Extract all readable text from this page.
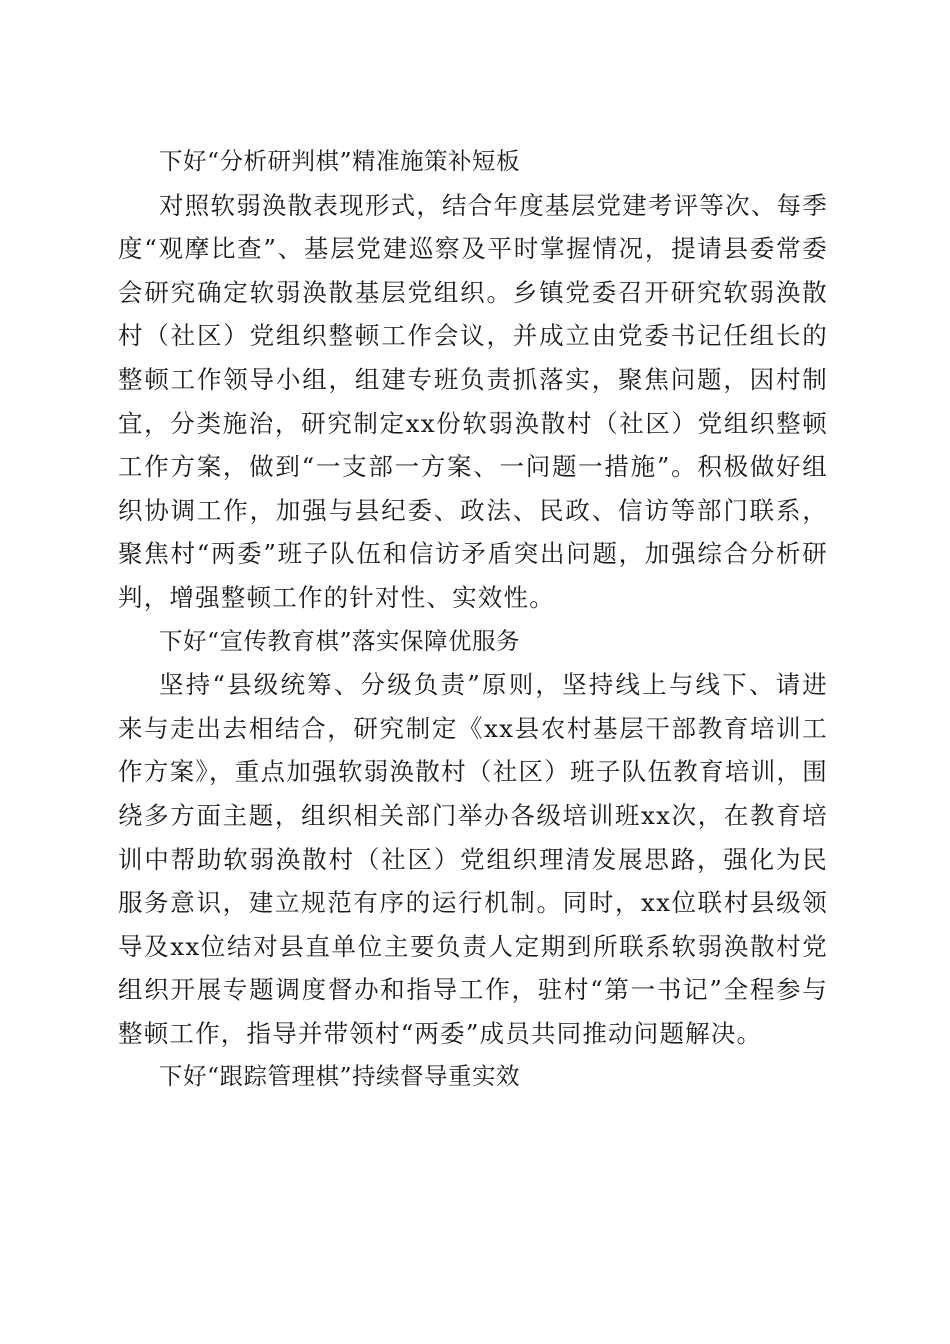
下好“分析研判棋”精准施策补短板

对照软弱涣散表现形式，结合年度基层党建考评等次、每季度“观摩比查”、基层党建巡察及平时掌握情况，提请县委常委会研究确定软弱涣散基层党组织。乡镇党委召开研究软弱涣散村（社区）党组织整顿工作会议，并成立由党委书记任组长的整顿工作领导小组，组建专班负责抓落实，聚焦问题，因村制宜，分类施治，研究制定xx份软弱涣散村（社区）党组织整顿工作方案，做到“一支部一方案、一问题一措施”。积极做好组织协调工作，加强与县纪委、政法、民政、信访等部门联系，聚焦村“两委”班子队伍和信访矛盾突出问题，加强综合分析研判，增强整顿工作的针对性、实效性。

下好“宣传教育棋”落实保障优服务

坚持“县级统筹、分级负责”原则，坚持线上与线下、请进来与走出去相结合，研究制定《xx县农村基层干部教育培训工作方案》，重点加强软弱涣散村（社区）班子队伍教育培训，围绕多方面主题，组织相关部门举办各级培训班xx次，在教育培训中帮助软弱涣散村（社区）党组织理清发展思路，强化为民服务意识，建立规范有序的运行机制。同时，xx位联村县级领导及xx位结对县直单位主要负责人定期到所联系软弱涣散村党组织开展专题调度督办和指导工作，驻村“第一书记”全程参与整顿工作，指导并带领村“两委”成员共同推动问题解决。

下好“跟踪管理棋”持续督导重实效
